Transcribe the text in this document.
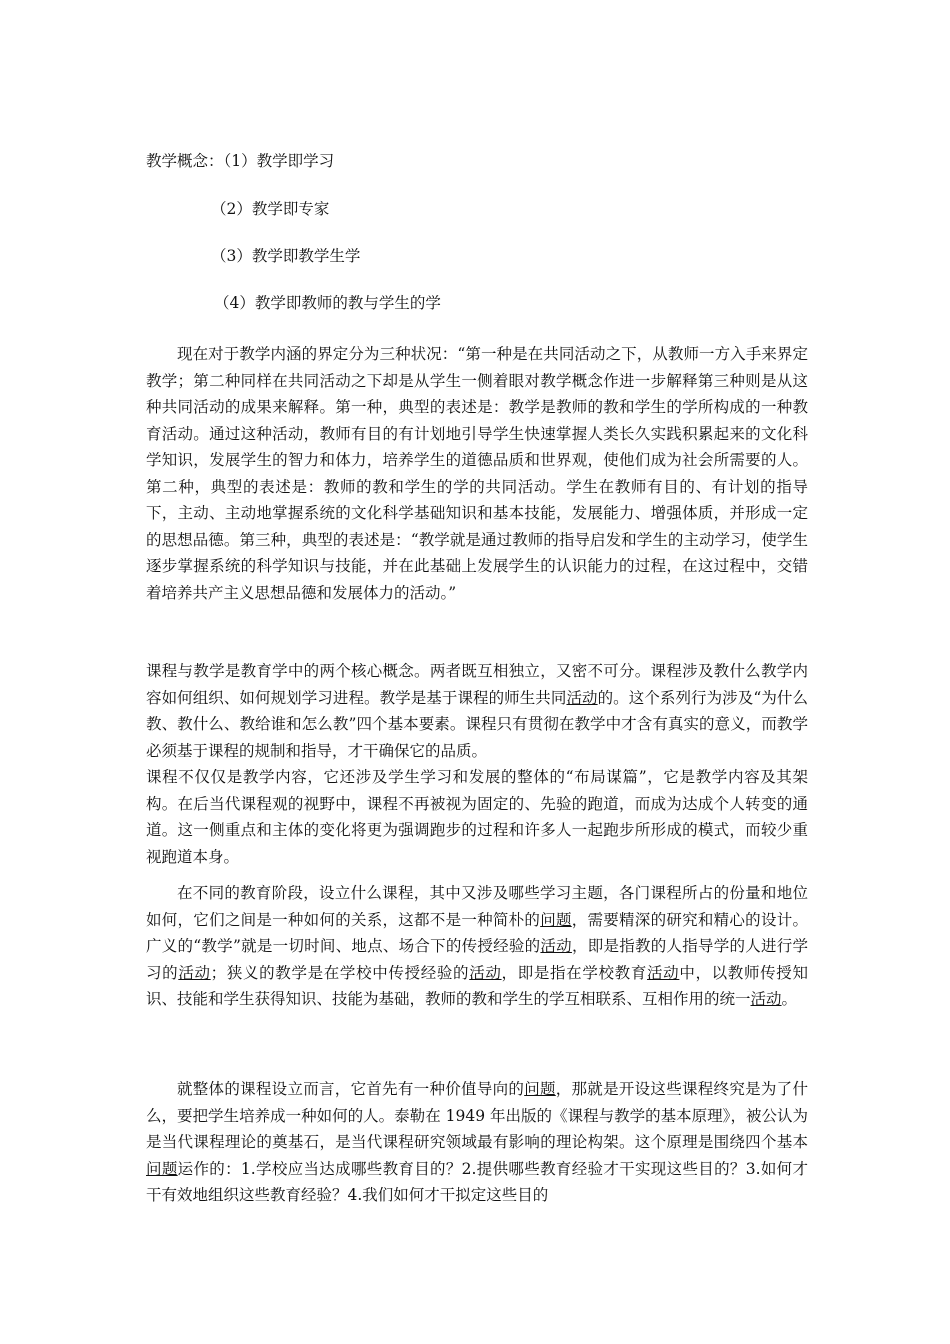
教学概念：（1）教学即学习
（2）教学即专家
（3）教学即教学生学
（4）教学即教师的教与学生的学

现在对于教学内涵的界定分为三种状况：“第一种是在共同活动之下，从教师一方入手来界定教学；第二种同样在共同活动之下却是从学生一侧着眼对教学概念作进一步解释第三种则是从这种共同活动的成果来解释。第一种，典型的表述是：教学是教师的教和学生的学所构成的一种教育活动。通过这种活动，教师有目的有计划地引导学生快速掌握人类长久实践积累起来的文化科学知识，发展学生的智力和体力，培养学生的道德品质和世界观，使他们成为社会所需要的人。第二种，典型的表述是：教师的教和学生的学的共同活动。学生在教师有目的、有计划的指导下，主动、主动地掌握系统的文化科学基础知识和基本技能，发展能力、增强体质，并形成一定的思想品德。第三种，典型的表述是：“教学就是通过教师的指导启发和学生的主动学习，使学生逐步掌握系统的科学知识与技能，并在此基础上发展学生的认识能力的过程，在这过程中，交错着培养共产主义思想品德和发展体力的活动。”

课程与教学是教育学中的两个核心概念。两者既互相独立，又密不可分。课程涉及教什么教学内容如何组织、如何规划学习进程。教学是基于课程的师生共同活动的。这个系列行为涉及“为什么教、教什么、教给谁和怎么教”四个基本要素。课程只有贯彻在教学中才含有真实的意义，而教学必须基于课程的规制和指导，才干确保它的品质。

课程不仅仅是教学内容，它还涉及学生学习和发展的整体的“布局谋篇”，它是教学内容及其架构。在后当代课程观的视野中，课程不再被视为固定的、先验的跑道，而成为达成个人转变的通道。这一侧重点和主体的变化将更为强调跑步的过程和许多人一起跑步所形成的模式，而较少重视跑道本身。

在不同的教育阶段，设立什么课程，其中又涉及哪些学习主题，各门课程所占的份量和地位如何，它们之间是一种如何的关系，这都不是一种简朴的问题，需要精深的研究和精心的设计。广义的“教学”就是一切时间、地点、场合下的传授经验的活动，即是指教的人指导学的人进行学习的活动；狭义的教学是在学校中传授经验的活动，即是指在学校教育活动中，以教师传授知识、技能和学生获得知识、技能为基础，教师的教和学生的学互相联系、互相作用的统一活动。

就整体的课程设立而言，它首先有一种价值导向的问题，那就是开设这些课程终究是为了什么，要把学生培养成一种如何的人。泰勒在 1949 年出版的《课程与教学的基本原理》，被公认为是当代课程理论的奠基石，是当代课程研究领域最有影响的理论构架。这个原理是围绕四个基本问题运作的：1.学校应当达成哪些教育目的？2.提供哪些教育经验才干实现这些目的？3.如何才干有效地组织这些教育经验？4.我们如何才干拟定这些目的
